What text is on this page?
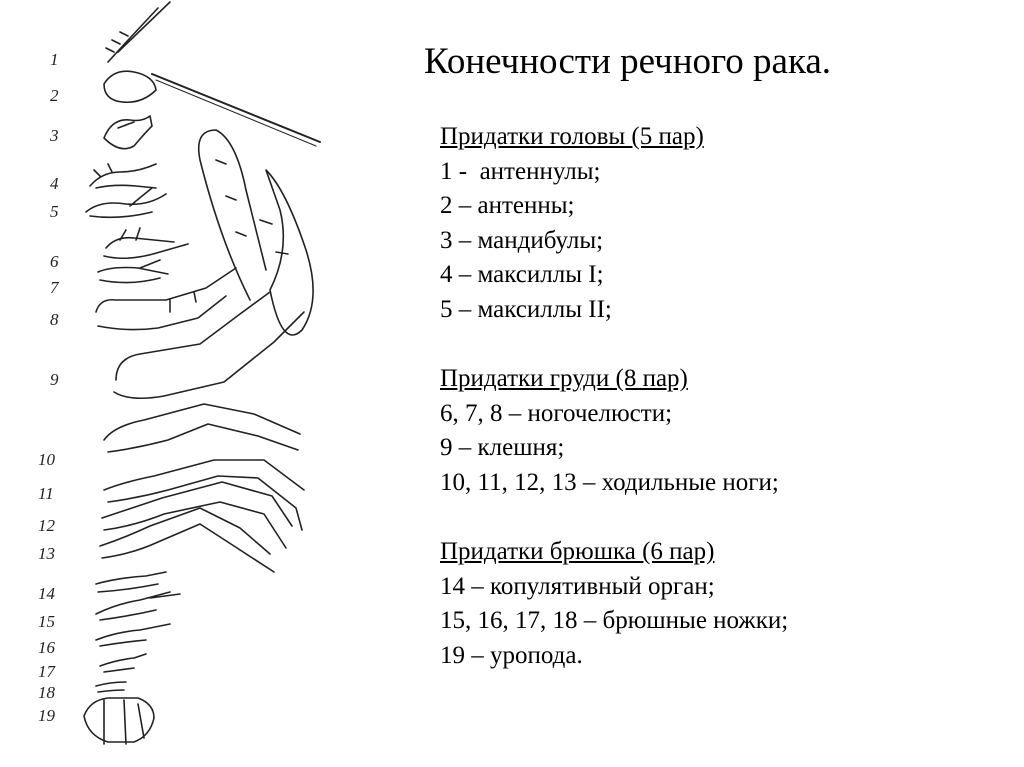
1
2
3
4
5
6
7
8
9
10
11
12
13
14
15
16
17
18
19
Конечности речного рака.
Придатки головы (5 пар)
1 -  антеннулы;
2 – антенны;
3 – мандибулы;
4 – максиллы I;
5 – максиллы II;
Придатки груди (8 пар)
6, 7, 8 – ногочелюсти;
9 – клешня;
10, 11, 12, 13 – ходильные ноги;
Придатки брюшка (6 пар)
14 – копулятивный орган;
15, 16, 17, 18 – брюшные ножки;
19 – уропода.
